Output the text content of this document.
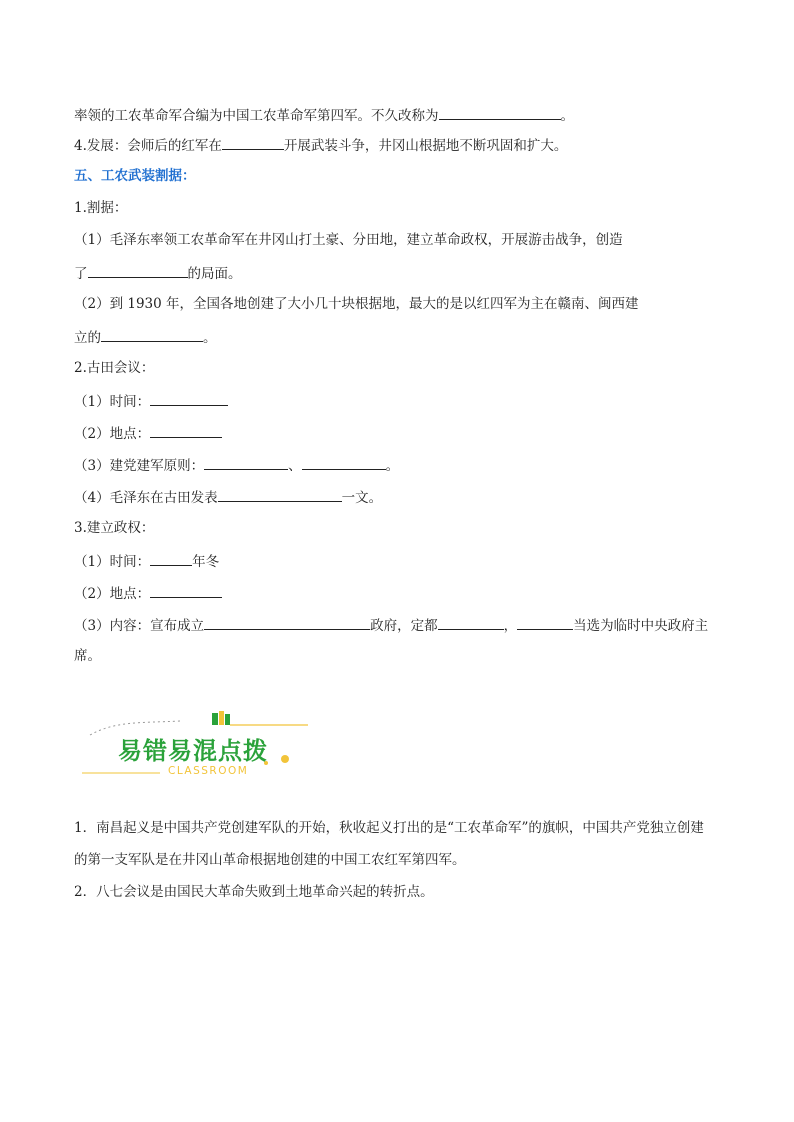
率领的工农革命军合编为中国工农革命军第四军。不久改称为	。
4.发展：会师后的红军在	开展武装斗争，井冈山根据地不断巩固和扩大。
五、工农武装割据：
1.割据：
（1）毛泽东率领工农革命军在井冈山打土豪、分田地，建立革命政权，开展游击战争，创造
了	的局面。
（2）到 1930 年，全国各地创建了大小几十块根据地，最大的是以红四军为主在赣南、闽西建
立的	。
2.古田会议：
（1）时间：
（2）地点：
（3）建党建军原则：	、	。
（4）毛泽东在古田发表	一文。
3.建立政权：
（1）时间：	年冬
（2）地点：
（3）内容：宣布成立	政府，定都	，	当选为临时中央政府主
席。
易错易混点拨
CLASSROOM
1．南昌起义是中国共产党创建军队的开始，秋收起义打出的是“工农革命军”的旗帜，中国共产党独立创建
的第一支军队是在井冈山革命根据地创建的中国工农红军第四军。
2．八七会议是由国民大革命失败到土地革命兴起的转折点。
